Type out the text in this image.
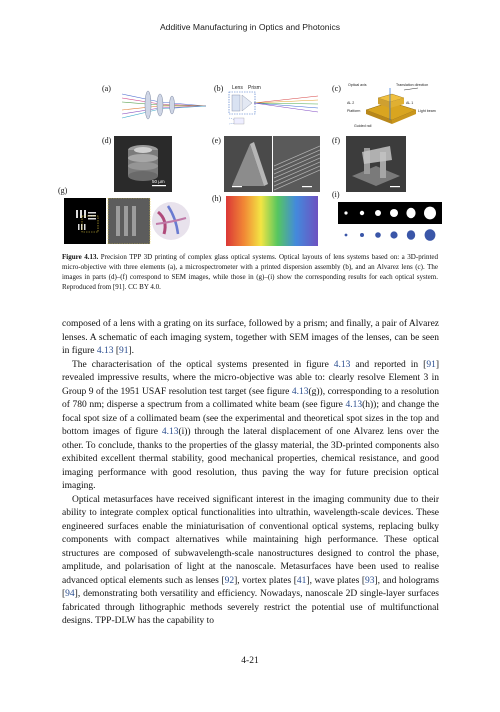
Additive Manufacturing in Optics and Photonics
(a)	(b) Lens Prism	(c) Optical axis	Translation direction
AL 2	AL 1
Platform	Light beam
Guided rail
(d)
50 µm
(e)	(f)
(g)
(h)	(i)
Figure 4.13. Precision TPP 3D printing of complex glass optical systems. Optical layouts of lens systems based on: a 3D-printed micro-objective with three elements (a), a microspectrometer with a printed dispersion assembly (b), and an Alvarez lens (c). The images in parts (d)–(f) correspond to SEM images, while those in (g)–(i) show the corresponding results for each optical system. Reproduced from [91]. CC BY 4.0.

composed of a lens with a grating on its surface, followed by a prism; and finally, a pair of Alvarez lenses. A schematic of each imaging system, together with SEM images of the lenses, can be seen in figure 4.13 [91].

The characterisation of the optical systems presented in figure 4.13 and reported in [91] revealed impressive results, where the micro-objective was able to: clearly resolve Element 3 in Group 9 of the 1951 USAF resolution test target (see figure 4.13(g)), corresponding to a resolution of 780 nm; disperse a spectrum from a collimated white beam (see figure 4.13(h)); and change the focal spot size of a collimated beam (see the experimental and theoretical spot sizes in the top and bottom images of figure 4.13(i)) through the lateral displacement of one Alvarez lens over the other. To conclude, thanks to the properties of the glassy material, the 3D-printed components also exhibited excellent thermal stability, good mechanical properties, chemical resistance, and good imaging performance with good resolution, thus paving the way for future precision optical imaging.

Optical metasurfaces have received significant interest in the imaging community due to their ability to integrate complex optical functionalities into ultrathin, wavelength-scale devices. These engineered surfaces enable the miniaturisation of conventional optical systems, replacing bulky components with compact alternatives while maintaining high performance. These optical structures are composed of subwavelength-scale nanostructures designed to control the phase, amplitude, and polarisation of light at the nanoscale. Metasurfaces have been used to realise advanced optical elements such as lenses [92], vortex plates [41], wave plates [93], and holograms [94], demonstrating both versatility and efficiency. Nowadays, nanoscale 2D single-layer surfaces fabricated through lithographic methods severely restrict the potential use of multifunctional designs. TPP-DLW has the capability to

4-21
